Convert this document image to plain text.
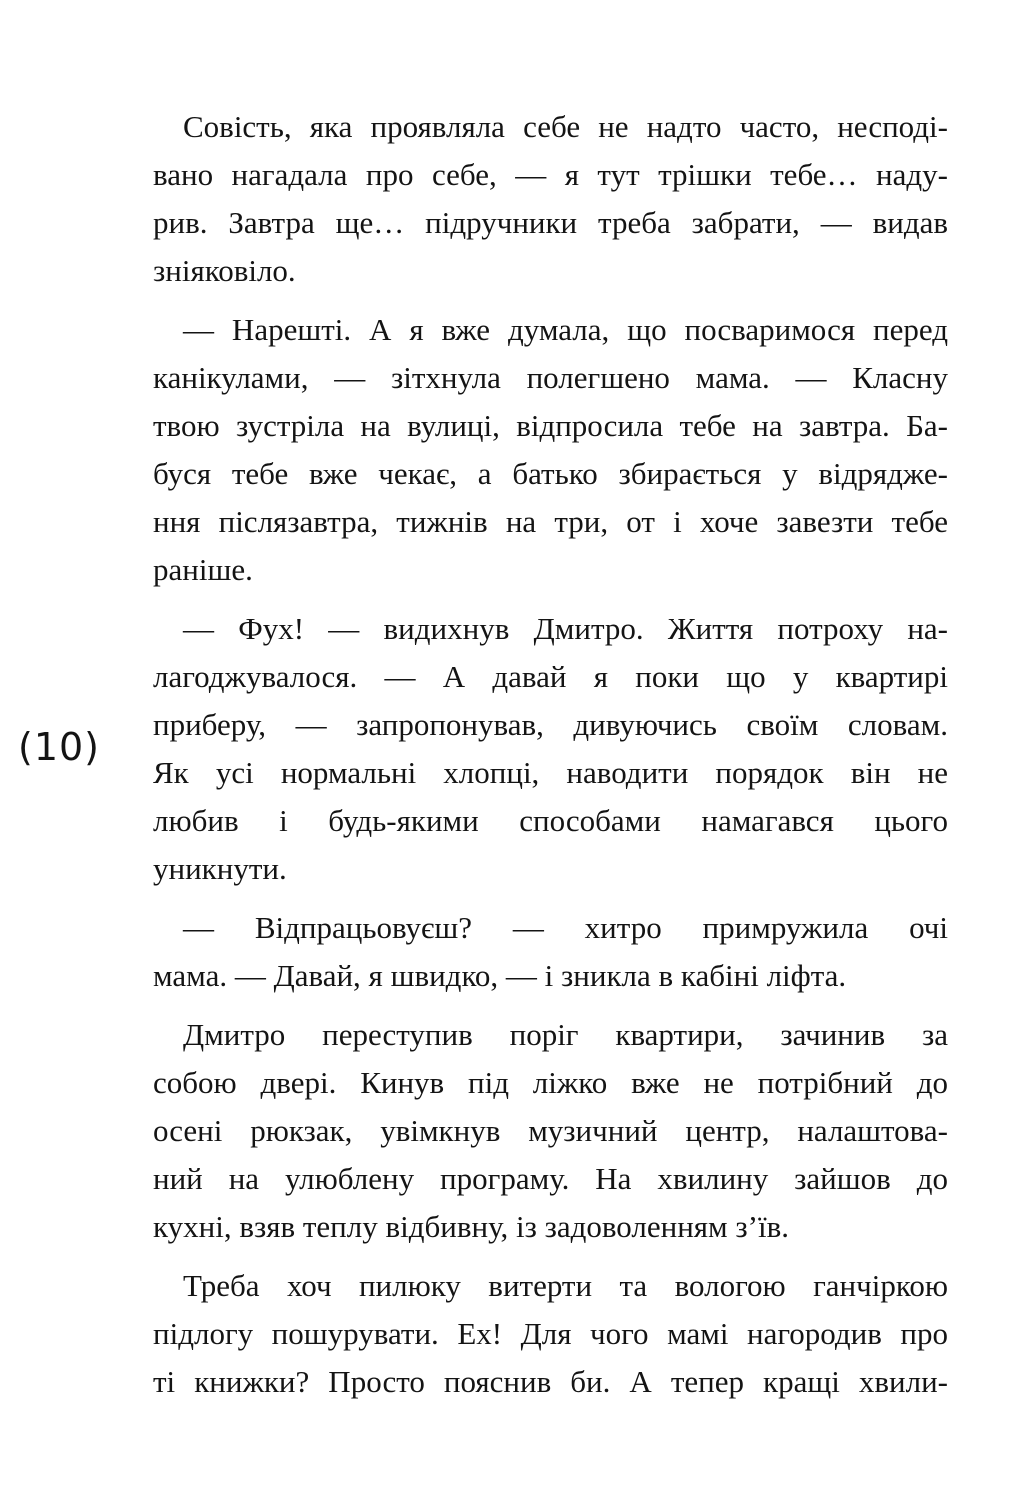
(10)
Совість, яка проявляла себе не надто часто, несподі-
вано нагадала про себе, — я тут трішки тебе… наду-
рив. Завтра ще… підручники треба забрати, — видав
зніяковіло.
— Нарешті. А я вже думала, що посваримося перед
канікулами, — зітхнула полегшено мама. — Класну
твою зустріла на вулиці, відпросила тебе на завтра. Ба-
буся тебе вже чекає, а батько збирається у відрядже-
ння післязавтра, тижнів на три, от і хоче завезти тебе
раніше.
— Фух! — видихнув Дмитро. Життя потроху на-
лагоджувалося. — А давай я поки що у квартирі
приберу, — запропонував, дивуючись своїм словам.
Як усі нормальні хлопці, наводити порядок він не
любив і будь-якими способами намагався цього
уникнути.
— Відпрацьовуєш? — хитро примружила очі
мама. — Давай, я швидко, — і зникла в кабіні ліфта.
Дмитро переступив поріг квартири, зачинив за
собою двері. Кинув під ліжко вже не потрібний до
осені рюкзак, увімкнув музичний центр, налаштова-
ний на улюблену програму. На хвилину зайшов до
кухні, взяв теплу відбивну, із задоволенням з’їв.
Треба хоч пилюку витерти та вологою ганчіркою
підлогу пошурувати. Ех! Для чого мамі нагородив про
ті книжки? Просто пояснив би. А тепер кращі хвили-
